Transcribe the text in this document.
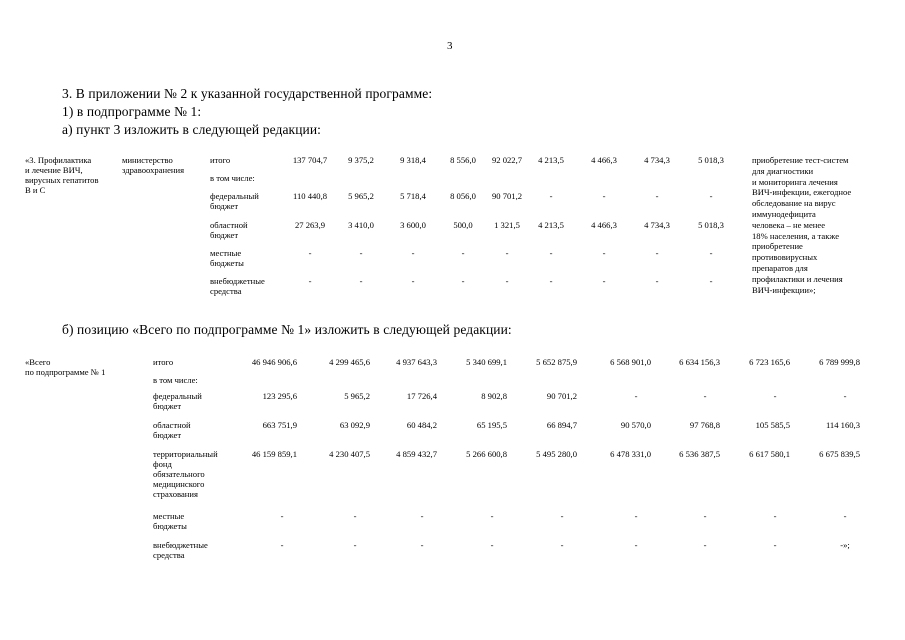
3
3. В приложении № 2 к указанной государственной программе:
1) в подпрограмме № 1:
а) пункт 3 изложить в следующей редакции:
б) позицию «Всего по подпрограмме № 1» изложить в следующей редакции:
«3. Профилактика
и лечение ВИЧ,
вирусных гепатитов
В и С
министерство
здравоохранения
итого	137 704,7	9 375,2	9 318,4	8 556,0	92 022,7	4 213,5	4 466,3	4 734,3	5 018,3
в том числе:
федеральный
бюджет
110 440,8	5 965,2	5 718,4	8 056,0	90 701,2	-	-	-	-
областной
бюджет
27 263,9	3 410,0	3 600,0	500,0	1 321,5	4 213,5	4 466,3	4 734,3	5 018,3
местные
бюджеты
-	-	-	-	-	-	-	-	-
внебюджетные
средства
-	-	-	-	-	-	-	-	-
приобретение тест-систем
для диагностики
и мониторинга лечения
ВИЧ-инфекции, ежегодное
обследование на вирус
иммунодефицита
человека – не менее
18% населения, а также
приобретение
противовирусных
препаратов для
профилактики и лечения
ВИЧ-инфекции»;
«Всего
по подпрограмме № 1
итого	46 946 906,6	4 299 465,6	4 937 643,3	5 340 699,1	5 652 875,9	6 568 901,0	6 634 156,3	6 723 165,6	6 789 999,8
в том числе:
федеральный
бюджет
123 295,6	5 965,2	17 726,4	8 902,8	90 701,2	-	-	-	-
областной
бюджет
663 751,9	63 092,9	60 484,2	65 195,5	66 894,7	90 570,0	97 768,8	105 585,5	114 160,3
территориальный
фонд
обязательного
медицинского
страхования
46 159 859,1	4 230 407,5	4 859 432,7	5 266 600,8	5 495 280,0	6 478 331,0	6 536 387,5	6 617 580,1	6 675 839,5
местные
бюджеты
-	-	-	-	-	-	-	-	-
внебюджетные
средства
-	-	-	-	-	-	-	-	-»;
